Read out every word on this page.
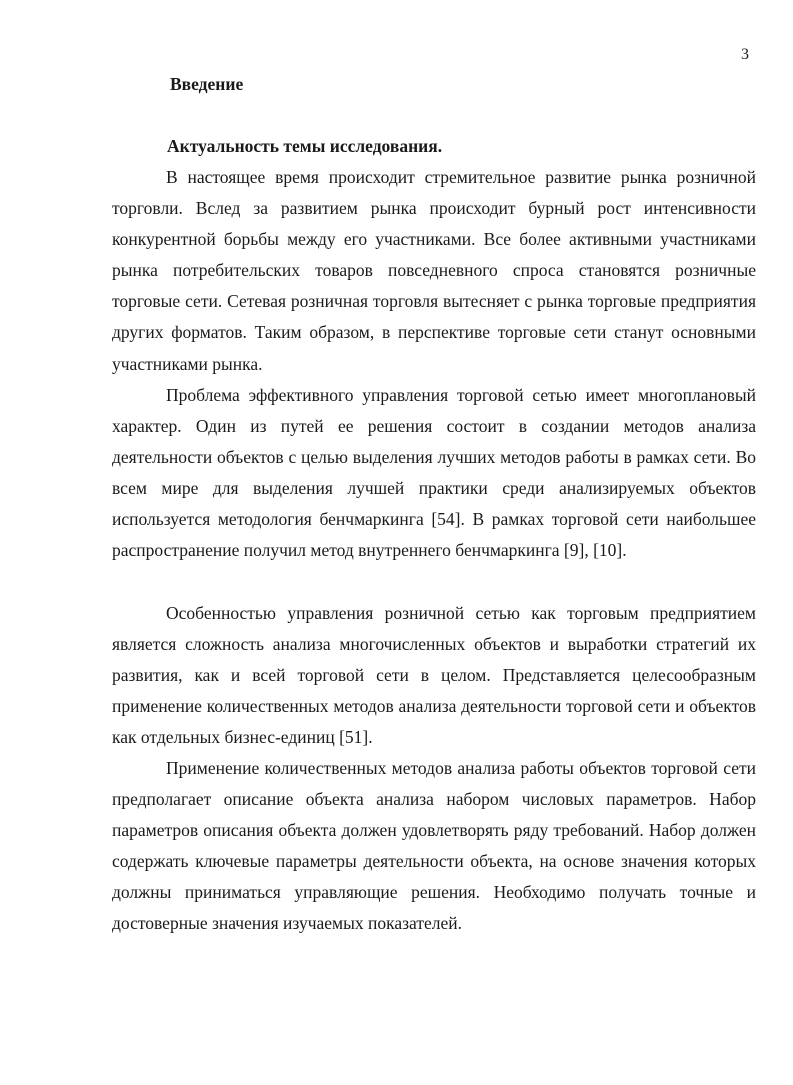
3
Введение
Актуальность темы исследования.

В настоящее время происходит стремительное развитие рынка розничной торговли. Вслед за развитием рынка происходит бурный рост интенсивности конкурентной борьбы между его участниками. Все более активными участниками рынка потребительских товаров повседневного спроса становятся розничные торговые сети. Сетевая розничная торговля вытесняет с рынка торговые предприятия других форматов. Таким образом, в перспективе торговые сети станут основными участниками рынка.

Проблема эффективного управления торговой сетью имеет многоплановый характер. Один из путей ее решения состоит в создании методов анализа деятельности объектов с целью выделения лучших методов работы в рамках сети. Во всем мире для выделения лучшей практики среди анализируемых объектов используется методология бенчмаркинга [54]. В рамках торговой сети наибольшее распространение получил метод внутреннего бенчмаркинга [9], [10].

Особенностью управления розничной сетью как торговым предприятием является сложность анализа многочисленных объектов и выработки стратегий их развития, как и всей торговой сети в целом. Представляется целесообразным применение количественных методов анализа деятельности торговой сети и объектов как отдельных бизнес-единиц [51].

Применение количественных методов анализа работы объектов торговой сети предполагает описание объекта анализа набором числовых параметров. Набор параметров описания объекта должен удовлетворять ряду требований. Набор должен содержать ключевые параметры деятельности объекта, на основе значения которых должны приниматься управляющие решения. Необходимо получать точные и достоверные значения изучаемых показателей.
